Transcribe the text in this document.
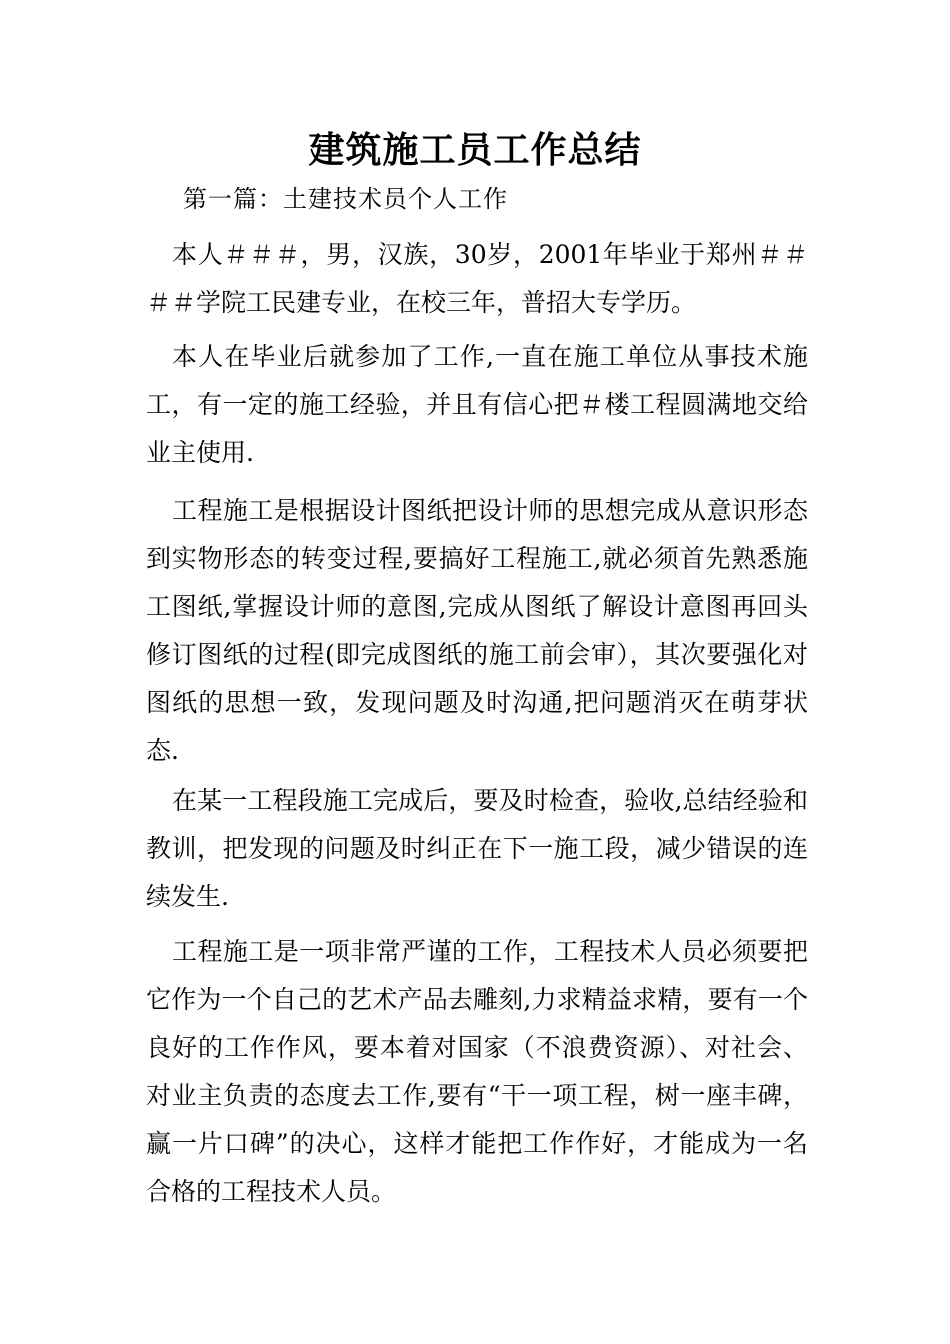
建筑施工员工作总结
第一篇：土建技术员个人工作
本人＃＃＃，男，汉族，30岁，2001年毕业于郑州＃＃＃＃学院工民建专业，在校三年，普招大专学历。
本人在毕业后就参加了工作,一直在施工单位从事技术施工，有一定的施工经验，并且有信心把＃楼工程圆满地交给业主使用.
工程施工是根据设计图纸把设计师的思想完成从意识形态到实物形态的转变过程,要搞好工程施工,就必须首先熟悉施工图纸,掌握设计师的意图,完成从图纸了解设计意图再回头修订图纸的过程(即完成图纸的施工前会审），其次要强化对图纸的思想一致，发现问题及时沟通,把问题消灭在萌芽状态.
在某一工程段施工完成后，要及时检查，验收,总结经验和教训，把发现的问题及时纠正在下一施工段，减少错误的连续发生.
工程施工是一项非常严谨的工作，工程技术人员必须要把它作为一个自己的艺术产品去雕刻,力求精益求精，要有一个良好的工作作风，要本着对国家（不浪费资源）、对社会、对业主负责的态度去工作,要有“干一项工程，树一座丰碑，赢一片口碑”的决心，这样才能把工作作好，才能成为一名合格的工程技术人员。
